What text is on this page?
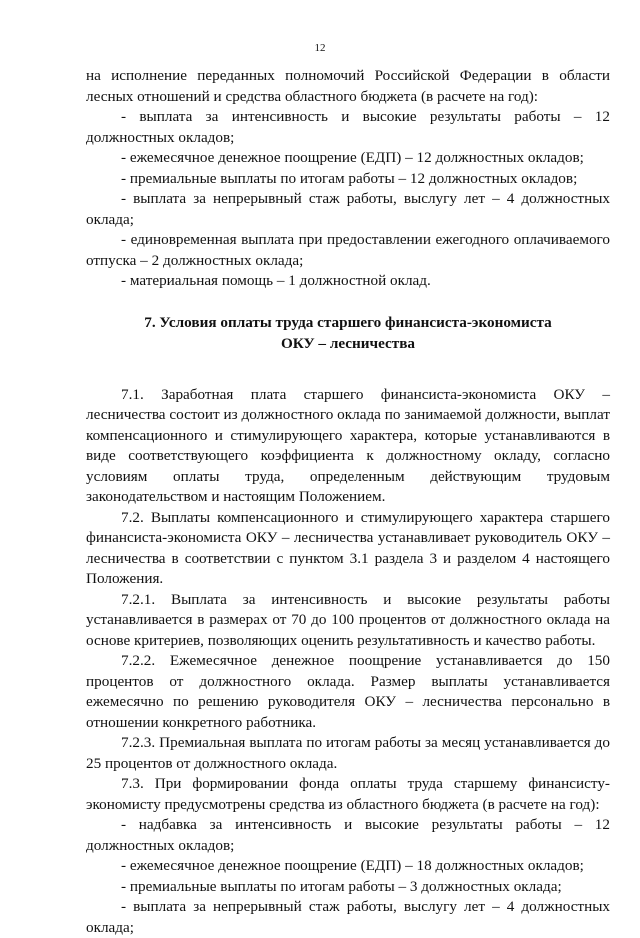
12

на исполнение переданных полномочий Российской Федерации в области лесных отношений и средства областного бюджета (в расчете на год):

- выплата за интенсивность и высокие результаты работы – 12 должностных окладов;

- ежемесячное денежное поощрение (ЕДП) – 12 должностных окладов;

- премиальные выплаты по итогам работы – 12 должностных окладов;

- выплата за непрерывный стаж работы, выслугу лет – 4 должностных оклада;

- единовременная выплата при предоставлении ежегодного оплачиваемого отпуска – 2 должностных оклада;

- материальная помощь – 1 должностной оклад.

7. Условия оплаты труда старшего финансиста-экономиста
ОКУ – лесничества

7.1. Заработная плата старшего финансиста-экономиста ОКУ – лесничества состоит из должностного оклада по занимаемой должности, выплат компенсационного и стимулирующего характера, которые устанавливаются в виде соответствующего коэффициента к должностному окладу, согласно условиям оплаты труда, определенным действующим трудовым законодательством и настоящим Положением.

7.2. Выплаты компенсационного и стимулирующего характера старшего финансиста-экономиста ОКУ – лесничества устанавливает руководитель ОКУ – лесничества в соответствии с пунктом 3.1 раздела 3 и разделом 4 настоящего Положения.

7.2.1. Выплата за интенсивность и высокие результаты работы устанавливается в размерах от 70 до 100 процентов от должностного оклада на основе критериев, позволяющих оценить результативность и качество работы.

7.2.2. Ежемесячное денежное поощрение устанавливается до 150 процентов от должностного оклада. Размер выплаты устанавливается ежемесячно по решению руководителя ОКУ – лесничества персонально в отношении конкретного работника.

7.2.3. Премиальная выплата по итогам работы за месяц устанавливается до 25 процентов от должностного оклада.

7.3. При формировании фонда оплаты труда старшему финансисту-экономисту предусмотрены средства из областного бюджета (в расчете на год):

- надбавка за интенсивность и высокие результаты работы – 12 должностных окладов;

- ежемесячное денежное поощрение (ЕДП) – 18 должностных окладов;

- премиальные выплаты по итогам работы – 3 должностных оклада;

- выплата за непрерывный стаж работы, выслугу лет – 4 должностных оклада;
